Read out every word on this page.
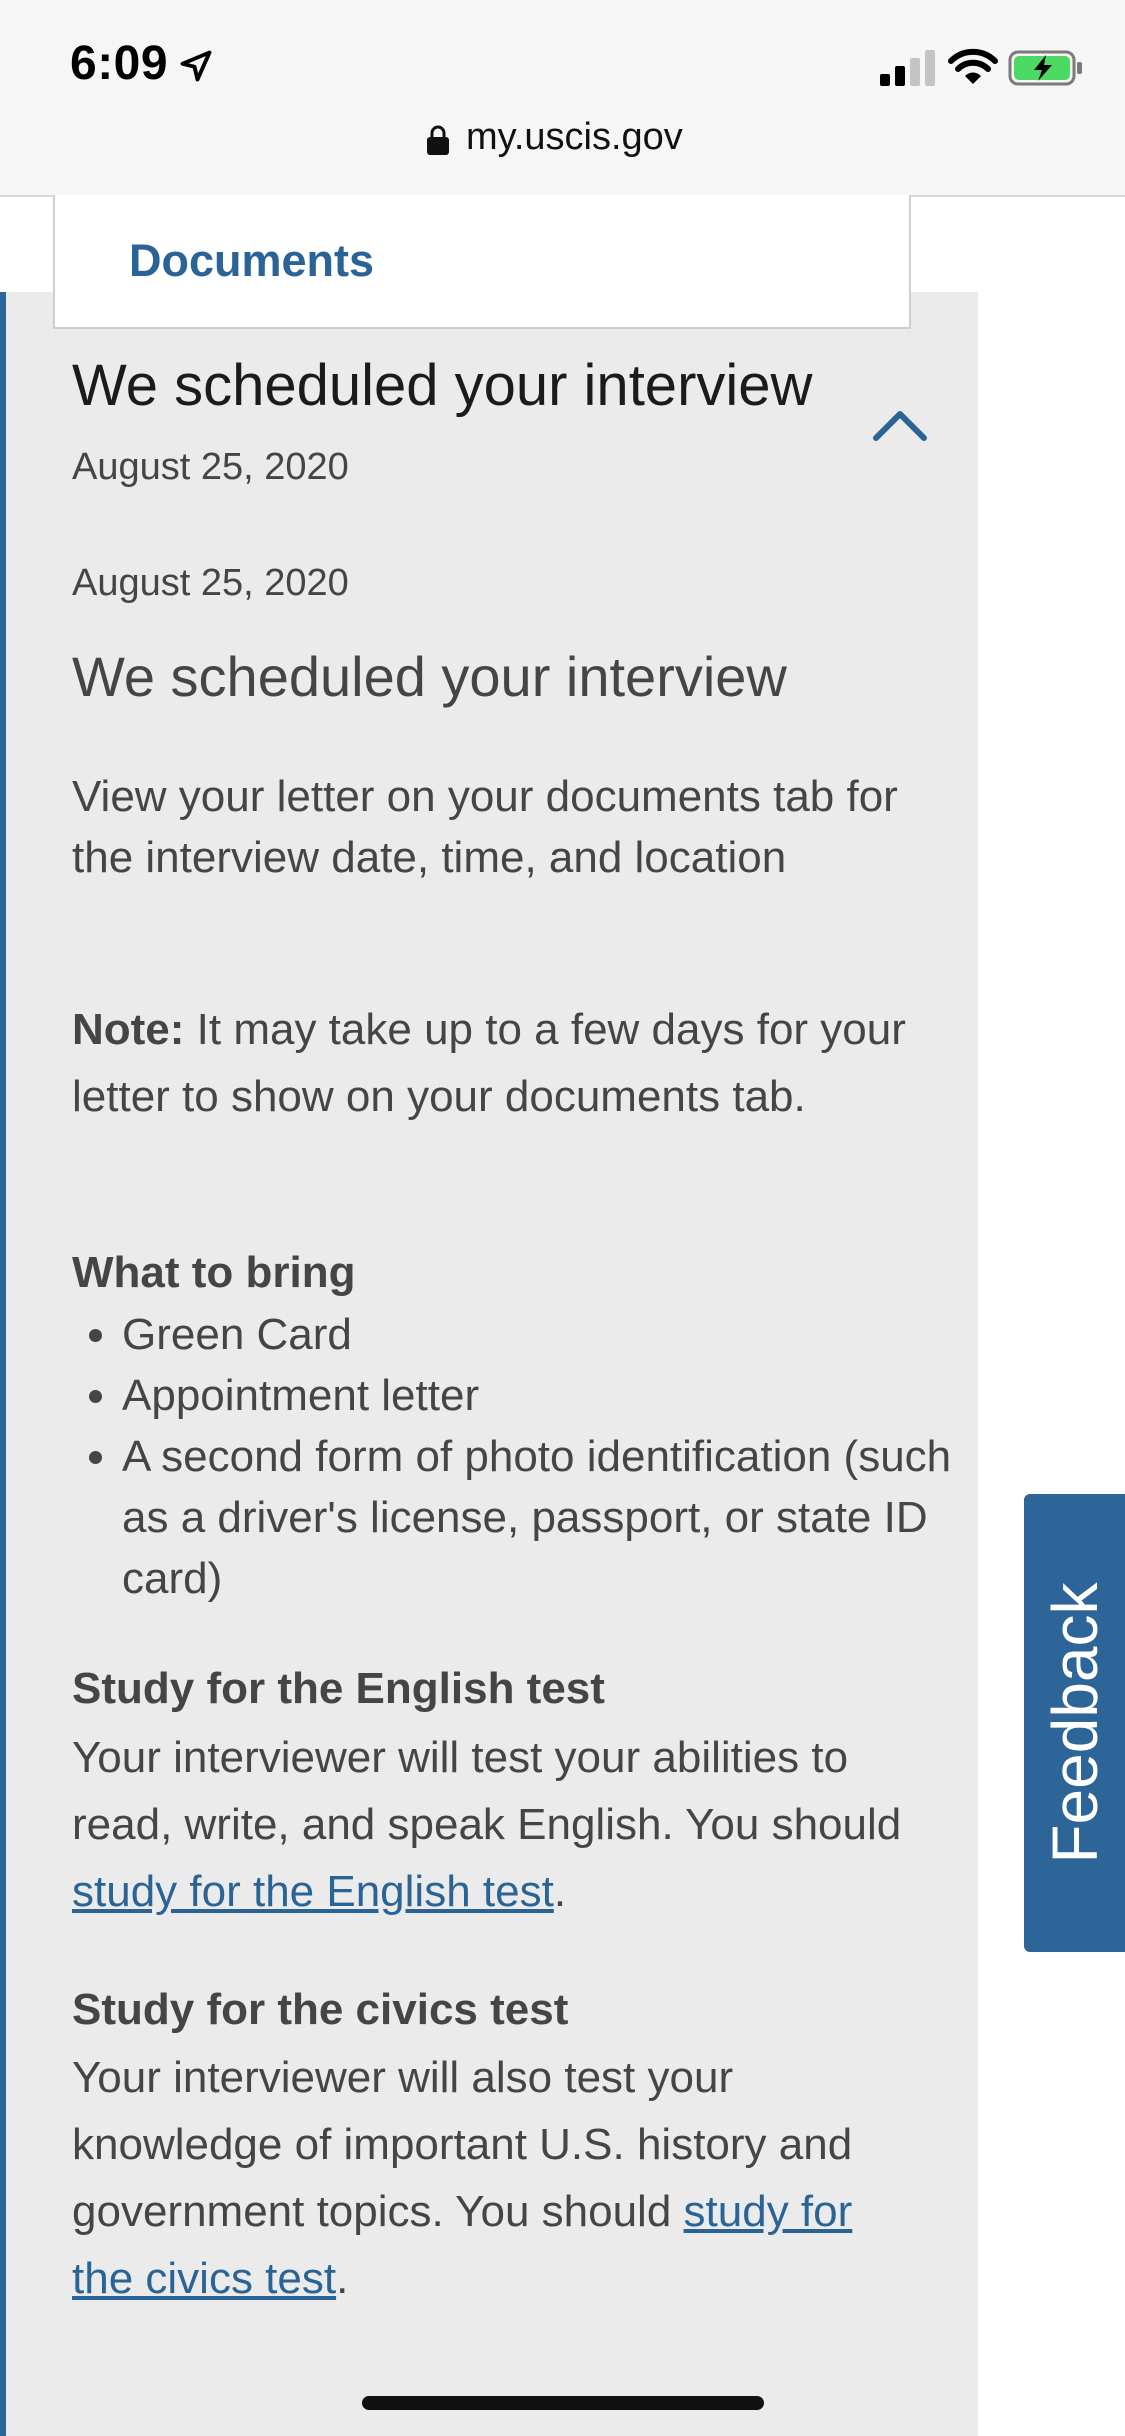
6:09
my.uscis.gov
Documents
We scheduled your interview
August 25, 2020
August 25, 2020
We scheduled your interview

View your letter on your documents tab for the interview date, time, and location

Note: It may take up to a few days for your letter to show on your documents tab.

What to bring
• Green Card
• Appointment letter
• A second form of photo identification (such as a driver's license, passport, or state ID card)
Study for the English test

Your interviewer will test your abilities to read, write, and speak English. You should study for the English test.

Study for the civics test

Your interviewer will also test your knowledge of important U.S. history and government topics. You should study for the civics test.

Feedback
